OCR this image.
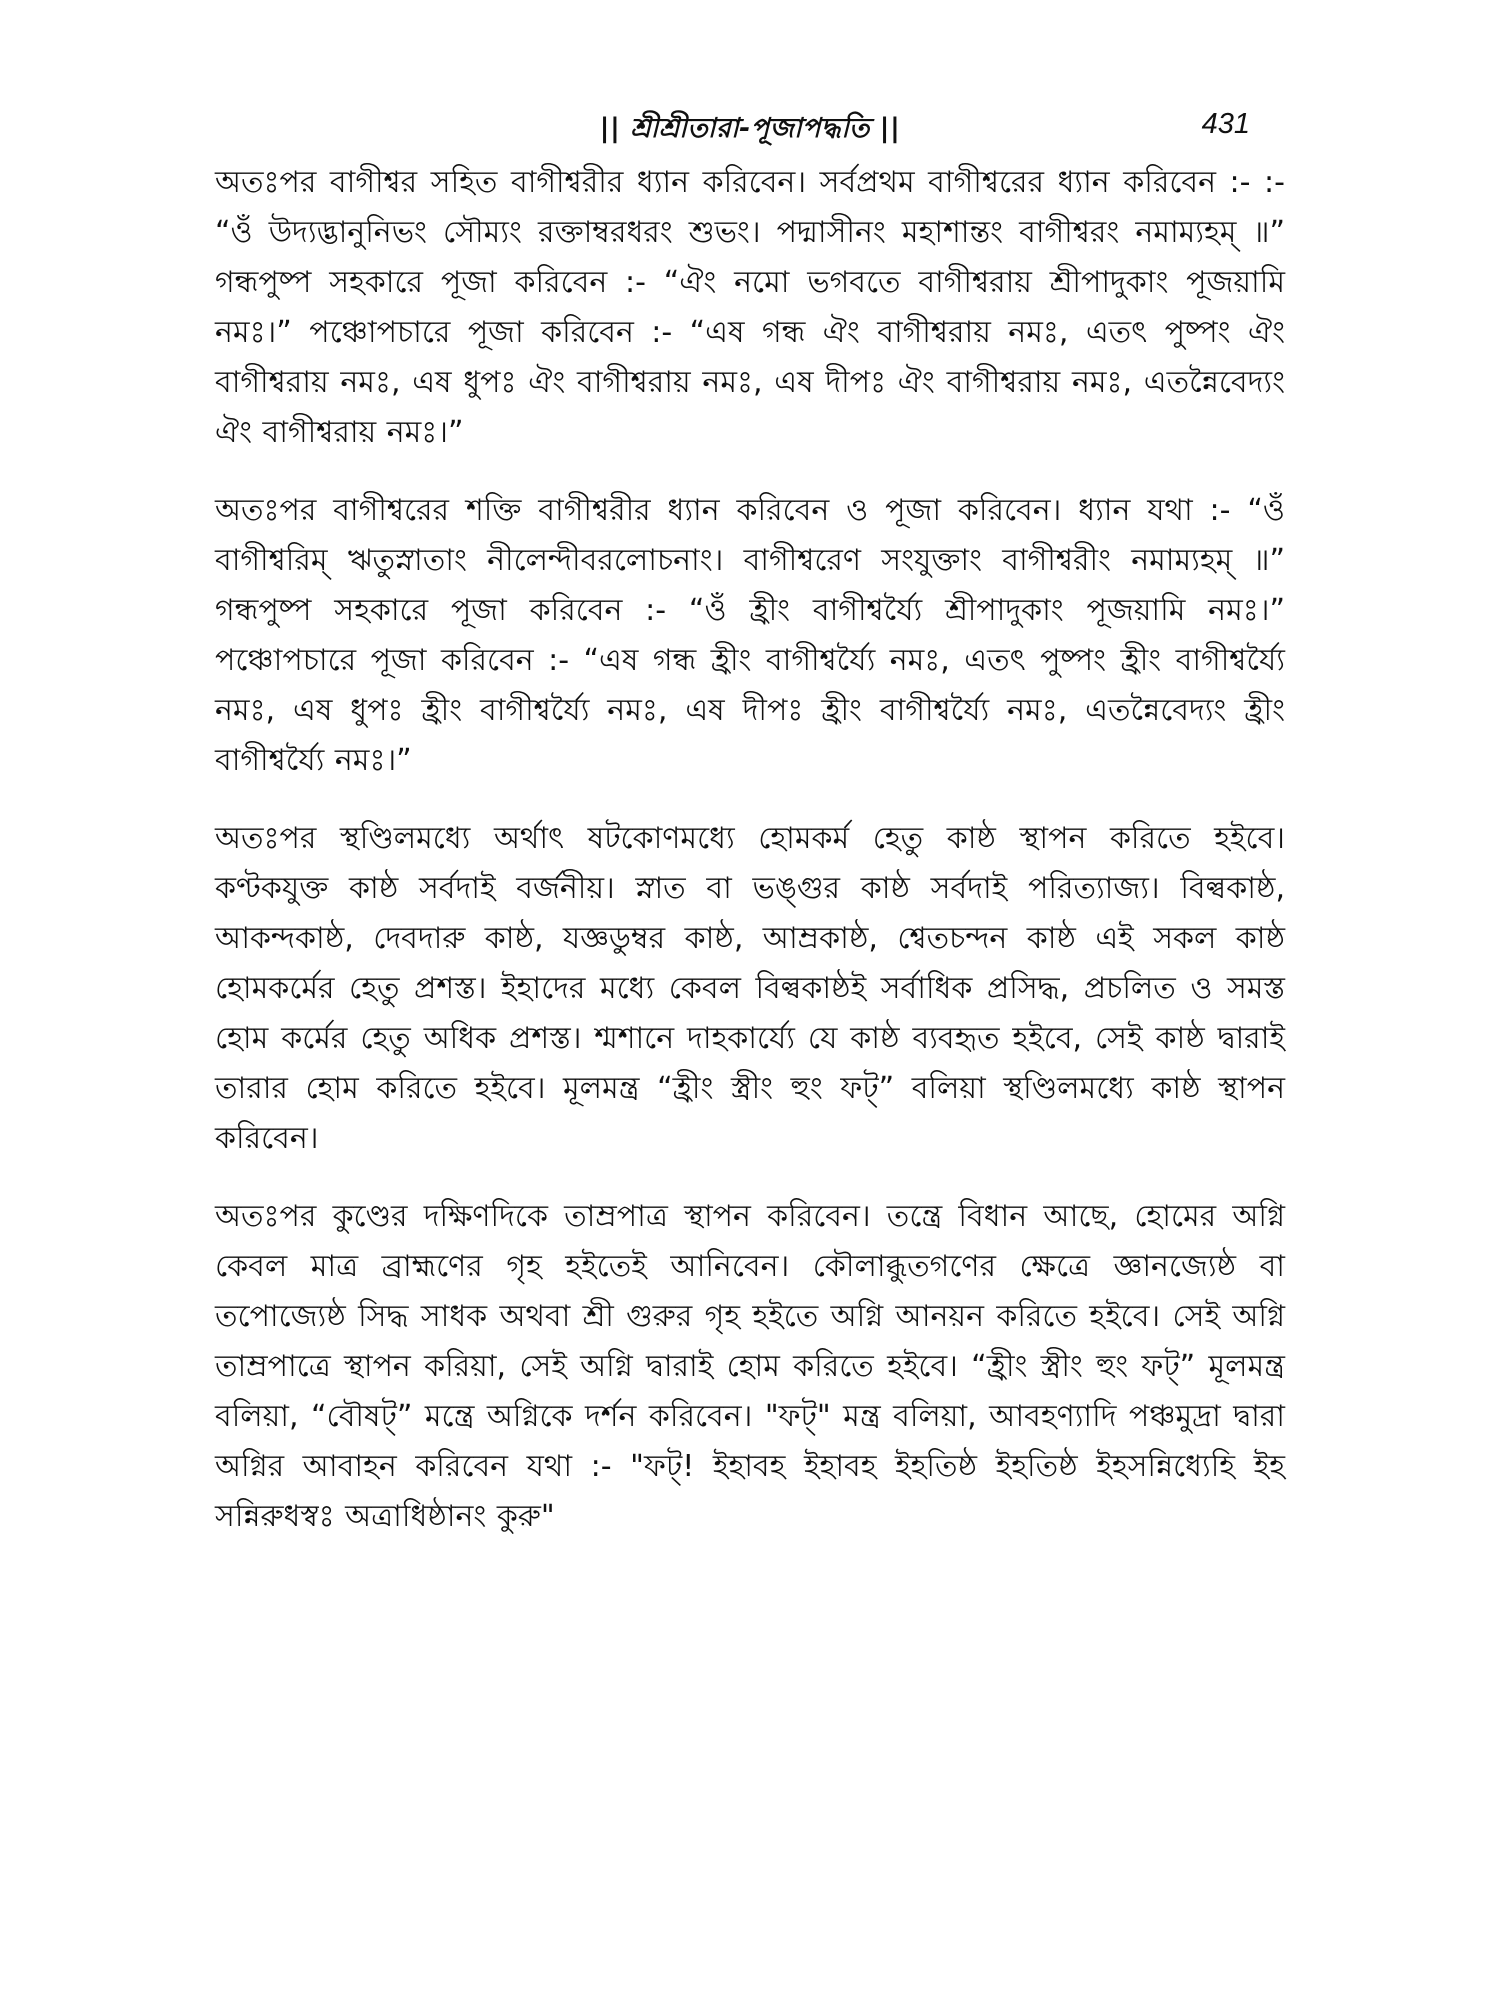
|| শ্রীশ্রীতারা-পূজাপদ্ধতি ||	431

অতঃপর বাগীশ্বর সহিত বাগীশ্বরীর ধ্যান করিবেন। সর্বপ্রথম বাগীশ্বরের ধ্যান করিবেন :- :- “ওঁ উদ্যদ্ভানুনিভং সৌম্যং রক্তাম্বরধরং শুভং। পদ্মাসীনং মহাশান্তং বাগীশ্বরং নমাম্যহম্ ॥” গন্ধপুষ্প সহকারে পূজা করিবেন :- “ঐং নমো ভগবতে বাগীশ্বরায় শ্রীপাদুকাং পূজয়ামি নমঃ।” পঞ্চোপচারে পূজা করিবেন :- “এষ গন্ধ ঐং বাগীশ্বরায় নমঃ, এতৎ পুষ্পং ঐং বাগীশ্বরায় নমঃ, এষ ধুপঃ ঐং বাগীশ্বরায় নমঃ, এষ দীপঃ ঐং বাগীশ্বরায় নমঃ, এতন্নৈবেদ্যং ঐং বাগীশ্বরায় নমঃ।”

অতঃপর বাগীশ্বরের শক্তি বাগীশ্বরীর ধ্যান করিবেন ও পূজা করিবেন। ধ্যান যথা :- “ওঁ বাগীশ্বরিম্ ঋতুস্নাতাং নীলেন্দীবরলোচনাং। বাগীশ্বরেণ সংযুক্তাং বাগীশ্বরীং নমাম্যহম্ ॥” গন্ধপুষ্প সহকারে পূজা করিবেন :- “ওঁ হ্রীং বাগীশ্বর্য্যৈ শ্রীপাদুকাং পূজয়ামি নমঃ।” পঞ্চোপচারে পূজা করিবেন :- “এষ গন্ধ হ্রীং বাগীশ্বর্য্যৈ নমঃ, এতৎ পুষ্পং হ্রীং বাগীশ্বর্য্যৈ নমঃ, এষ ধুপঃ হ্রীং বাগীশ্বর্য্যৈ নমঃ, এষ দীপঃ হ্রীং বাগীশ্বর্য্যৈ নমঃ, এতন্নৈবেদ্যং হ্রীং বাগীশ্বর্য্যৈ নমঃ।”

অতঃপর স্থণ্ডিলমধ্যে অর্থাৎ ষটকোণমধ্যে হোমকর্ম হেতু কাষ্ঠ স্থাপন করিতে হইবে। কণ্টকযুক্ত কাষ্ঠ সর্বদাই বর্জনীয়। স্নাত বা ভঙ্গুর কাষ্ঠ সর্বদাই পরিত্যাজ্য। বিল্বকাষ্ঠ, আকন্দকাষ্ঠ, দেবদারু কাষ্ঠ, যজ্ঞডুম্বর কাষ্ঠ, আম্রকাষ্ঠ, শ্বেতচন্দন কাষ্ঠ এই সকল কাষ্ঠ হোমকর্মের হেতু প্রশস্ত। ইহাদের মধ্যে কেবল বিল্বকাষ্ঠই সর্বাধিক প্রসিদ্ধ, প্রচলিত ও সমস্ত হোম কর্মের হেতু অধিক প্রশস্ত। শ্মশানে দাহকার্য্যে যে কাষ্ঠ ব্যবহৃত হইবে, সেই কাষ্ঠ দ্বারাই তারার হোম করিতে হইবে। মূলমন্ত্র “হ্রীং স্ত্রীং হুং ফট্” বলিয়া স্থণ্ডিলমধ্যে কাষ্ঠ স্থাপন করিবেন।

অতঃপর কুণ্ডের দক্ষিণদিকে তাম্রপাত্র স্থাপন করিবেন। তন্ত্রে বিধান আছে, হোমের অগ্নি কেবল মাত্র ব্রাহ্মণের গৃহ হইতেই আনিবেন। কৌলাব্ধুতগণের ক্ষেত্রে জ্ঞানজ্যেষ্ঠ বা তপোজ্যেষ্ঠ সিদ্ধ সাধক অথবা শ্রী গুরুর গৃহ হইতে অগ্নি আনয়ন করিতে হইবে। সেই অগ্নি তাম্রপাত্রে স্থাপন করিয়া, সেই অগ্নি দ্বারাই হোম করিতে হইবে। “হ্রীং স্ত্রীং হুং ফট্” মূলমন্ত্র বলিয়া, “বৌষট্” মন্ত্রে অগ্নিকে দর্শন করিবেন। "ফট্" মন্ত্র বলিয়া, আবহণ্যাদি পঞ্চমুদ্রা দ্বারা অগ্নির আবাহন করিবেন যথা :- "ফট্! ইহাবহ ইহাবহ ইহতিষ্ঠ ইহতিষ্ঠ ইহসন্নিধ্যেহি ইহ সন্নিরুধস্বঃ অত্রাধিষ্ঠানং কুরু"
